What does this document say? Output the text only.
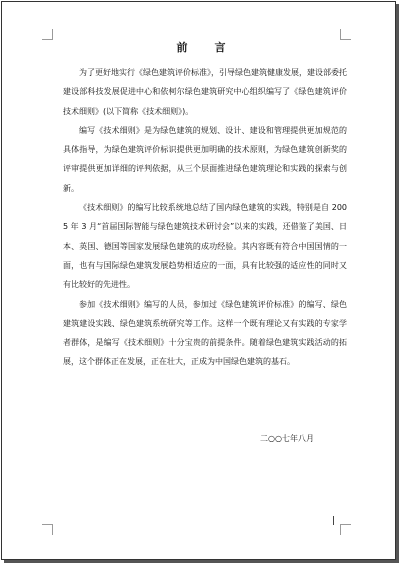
前　言

为了更好地实行《绿色建筑评价标准》，引导绿色建筑健康发展，建设部委托建设部科技发展促进中心和依柯尔绿色建筑研究中心组织编写了《绿色建筑评价技术细则》(以下简称《技术细则》)。

编写《技术细则》是为绿色建筑的规划、设计、建设和管理提供更加规范的具体指导，为绿色建筑评价标识提供更加明确的技术原则，为绿色建筑创新奖的评审提供更加详细的评判依据，从三个层面推进绿色建筑理论和实践的探索与创新。

《技术细则》的编写比较系统地总结了国内绿色建筑的实践，特别是自 2005 年 3 月“首届国际智能与绿色建筑技术研讨会”以来的实践，还借鉴了美国、日本、英国、德国等国家发展绿色建筑的成功经验。其内容既有符合中国国情的一面，也有与国际绿色建筑发展趋势相适应的一面，具有比较强的适应性的同时又有比较好的先进性。

参加《技术细则》编写的人员，参加过《绿色建筑评价标准》的编写、绿色建筑建设实践、绿色建筑系统研究等工作。这样一个既有理论又有实践的专家学者群体，是编写《技术细则》十分宝贵的前提条件。随着绿色建筑实践活动的拓展，这个群体正在发展，正在壮大，正成为中国绿色建筑的基石。

二○○七年八月
